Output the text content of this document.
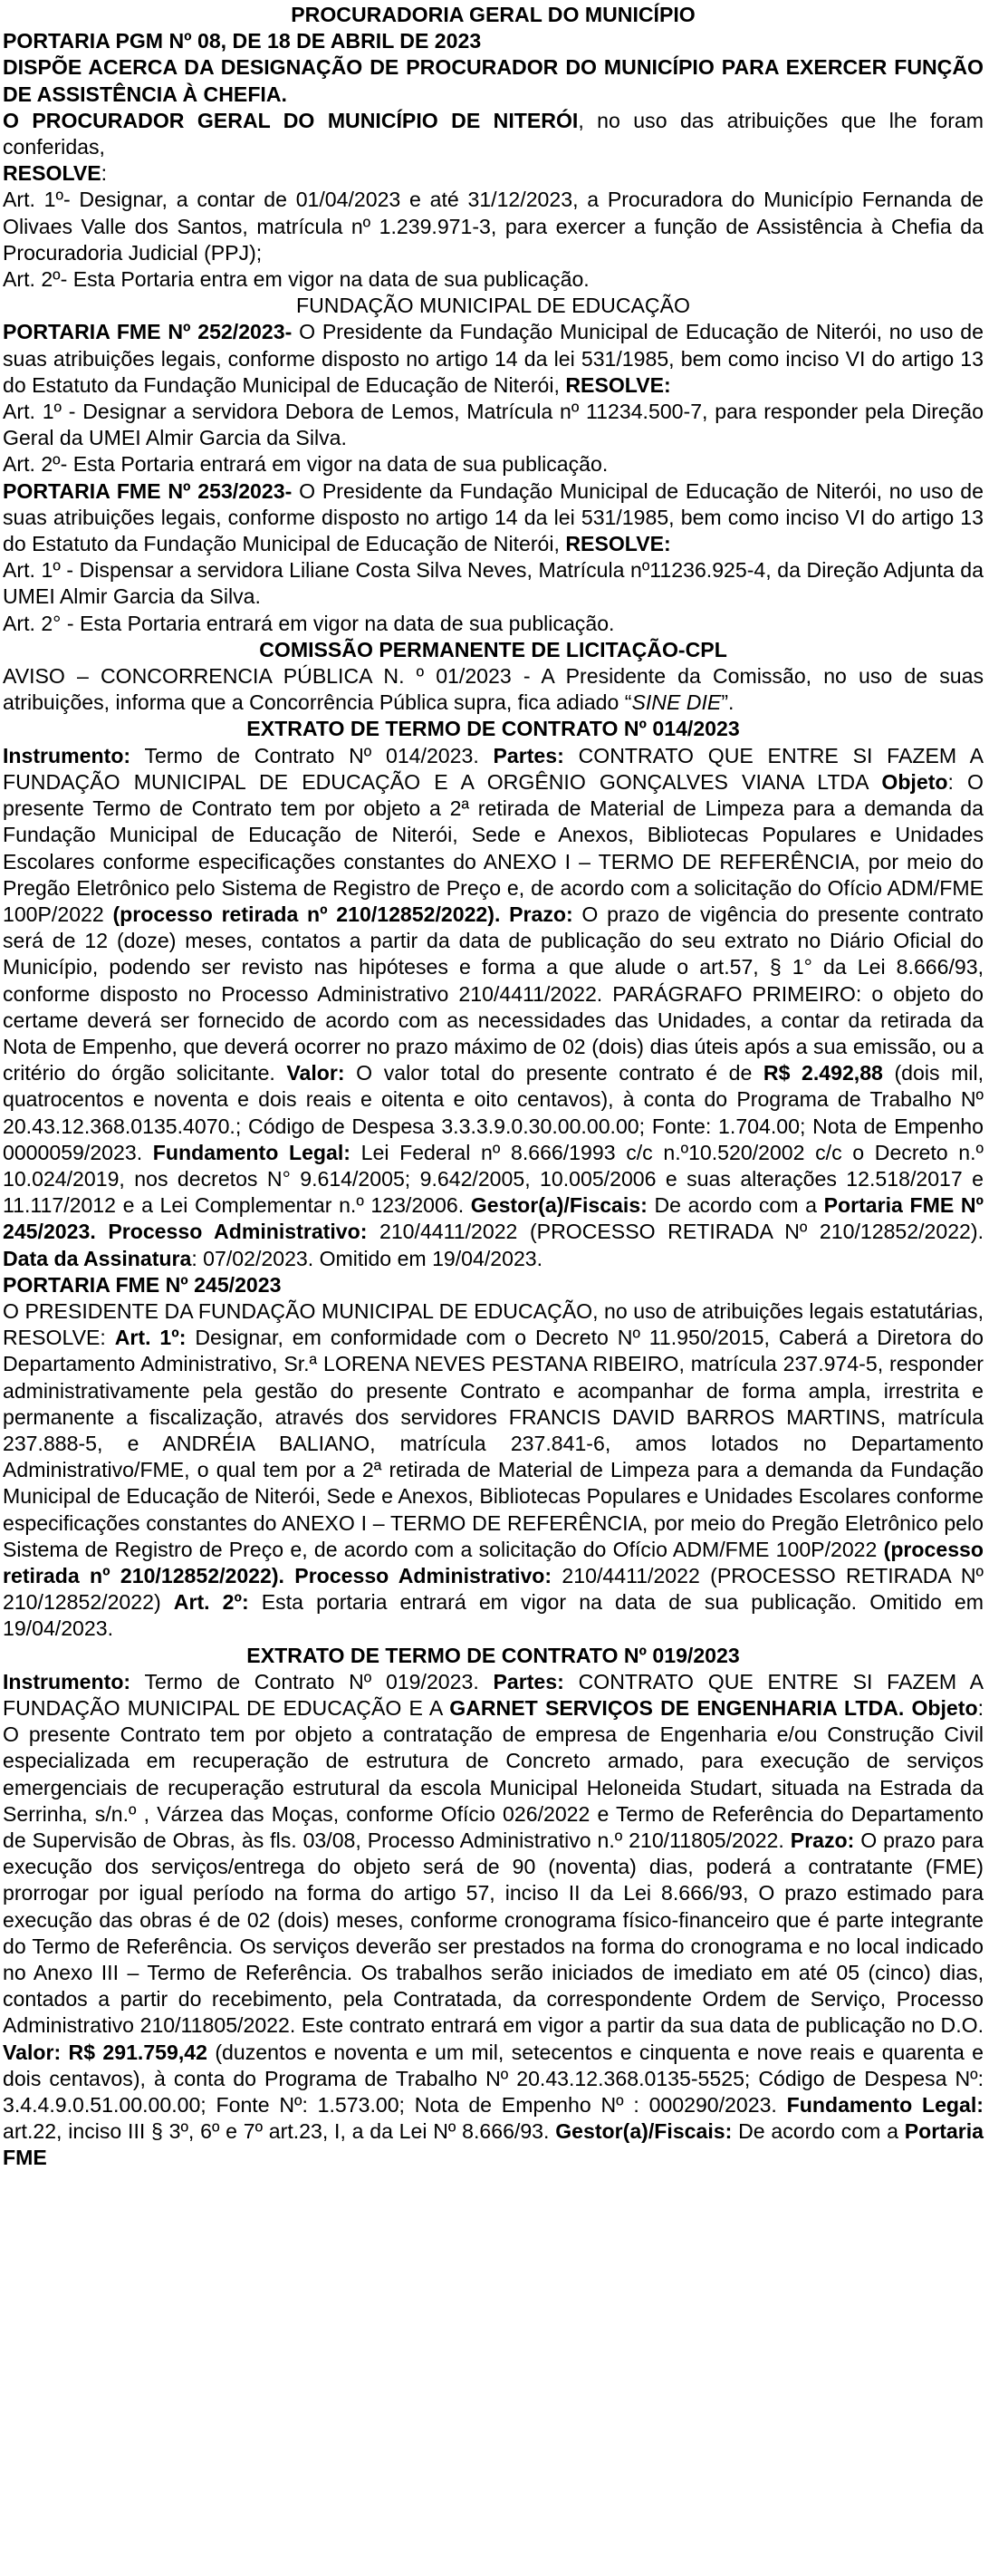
PROCURADORIA GERAL DO MUNICÍPIO

PORTARIA PGM Nº 08, DE 18 DE ABRIL DE 2023

DISPÕE ACERCA DA DESIGNAÇÃO DE PROCURADOR DO MUNICÍPIO PARA EXERCER FUNÇÃO DE ASSISTÊNCIA À CHEFIA.

O PROCURADOR GERAL DO MUNICÍPIO DE NITERÓI, no uso das atribuições que lhe foram conferidas,

RESOLVE:

Art. 1º- Designar, a contar de 01/04/2023 e até 31/12/2023, a Procuradora do Município Fernanda de Olivaes Valle dos Santos, matrícula nº 1.239.971-3, para exercer a função de Assistência à Chefia da Procuradoria Judicial (PPJ);

Art. 2º- Esta Portaria entra em vigor na data de sua publicação.

FUNDAÇÃO MUNICIPAL DE EDUCAÇÃO

PORTARIA FME Nº 252/2023- O Presidente da Fundação Municipal de Educação de Niterói, no uso de suas atribuições legais, conforme disposto no artigo 14 da lei 531/1985, bem como inciso VI do artigo 13 do Estatuto da Fundação Municipal de Educação de Niterói, RESOLVE:

Art. 1º - Designar a servidora Debora de Lemos, Matrícula nº 11234.500-7, para responder pela Direção Geral da UMEI Almir Garcia da Silva.

Art. 2º- Esta Portaria entrará em vigor na data de sua publicação.

PORTARIA FME Nº 253/2023- O Presidente da Fundação Municipal de Educação de Niterói, no uso de suas atribuições legais, conforme disposto no artigo 14 da lei 531/1985, bem como inciso VI do artigo 13 do Estatuto da Fundação Municipal de Educação de Niterói, RESOLVE:

Art. 1º - Dispensar a servidora Liliane Costa Silva Neves, Matrícula nº11236.925-4, da Direção Adjunta da UMEI Almir Garcia da Silva.

Art. 2° - Esta Portaria entrará em vigor na data de sua publicação.

COMISSÃO PERMANENTE DE LICITAÇÃO-CPL

AVISO – CONCORRENCIA PÚBLICA N. º 01/2023 - A Presidente da Comissão, no uso de suas atribuições, informa que a Concorrência Pública supra, fica adiado “SINE DIE”.

EXTRATO DE TERMO DE CONTRATO Nº 014/2023

Instrumento: Termo de Contrato Nº 014/2023. Partes: CONTRATO QUE ENTRE SI FAZEM A FUNDAÇÃO MUNICIPAL DE EDUCAÇÃO E A ORGÊNIO GONÇALVES VIANA LTDA Objeto: O presente Termo de Contrato tem por objeto a 2ª retirada de Material de Limpeza para a demanda da Fundação Municipal de Educação de Niterói, Sede e Anexos, Bibliotecas Populares e Unidades Escolares conforme especificações constantes do ANEXO I – TERMO DE REFERÊNCIA, por meio do Pregão Eletrônico pelo Sistema de Registro de Preço e, de acordo com a solicitação do Ofício ADM/FME 100P/2022 (processo retirada nº 210/12852/2022). Prazo: O prazo de vigência do presente contrato será de 12 (doze) meses, contatos a partir da data de publicação do seu extrato no Diário Oficial do Município, podendo ser revisto nas hipóteses e forma a que alude o art.57, § 1° da Lei 8.666/93, conforme disposto no Processo Administrativo 210/4411/2022. PARÁGRAFO PRIMEIRO: o objeto do certame deverá ser fornecido de acordo com as necessidades das Unidades, a contar da retirada da Nota de Empenho, que deverá ocorrer no prazo máximo de 02 (dois) dias úteis após a sua emissão, ou a critério do órgão solicitante. Valor: O valor total do presente contrato é de R$ 2.492,88 (dois mil, quatrocentos e noventa e dois reais e oitenta e oito centavos), à conta do Programa de Trabalho Nº 20.43.12.368.0135.4070.; Código de Despesa 3.3.3.9.0.30.00.00.00; Fonte: 1.704.00; Nota de Empenho 0000059/2023. Fundamento Legal: Lei Federal nº 8.666/1993 c/c n.º10.520/2002 c/c o Decreto n.º 10.024/2019, nos decretos N° 9.614/2005; 9.642/2005, 10.005/2006 e suas alterações 12.518/2017 e 11.117/2012 e a Lei Complementar n.º 123/2006. Gestor(a)/Fiscais: De acordo com a Portaria FME Nº 245/2023. Processo Administrativo: 210/4411/2022 (PROCESSO RETIRADA Nº 210/12852/2022). Data da Assinatura: 07/02/2023. Omitido em 19/04/2023.

PORTARIA FME Nº 245/2023

O PRESIDENTE DA FUNDAÇÃO MUNICIPAL DE EDUCAÇÃO, no uso de atribuições legais estatutárias, RESOLVE: Art. 1º: Designar, em conformidade com o Decreto Nº 11.950/2015, Caberá a Diretora do Departamento Administrativo, Sr.ª LORENA NEVES PESTANA RIBEIRO, matrícula 237.974-5, responder administrativamente pela gestão do presente Contrato e acompanhar de forma ampla, irrestrita e permanente a fiscalização, através dos servidores FRANCIS DAVID BARROS MARTINS, matrícula 237.888-5, e ANDRÉIA BALIANO, matrícula 237.841-6, amos lotados no Departamento Administrativo/FME, o qual tem por a 2ª retirada de Material de Limpeza para a demanda da Fundação Municipal de Educação de Niterói, Sede e Anexos, Bibliotecas Populares e Unidades Escolares conforme especificações constantes do ANEXO I – TERMO DE REFERÊNCIA, por meio do Pregão Eletrônico pelo Sistema de Registro de Preço e, de acordo com a solicitação do Ofício ADM/FME 100P/2022 (processo retirada nº 210/12852/2022). Processo Administrativo: 210/4411/2022 (PROCESSO RETIRADA Nº 210/12852/2022) Art. 2º: Esta portaria entrará em vigor na data de sua publicação. Omitido em 19/04/2023.

EXTRATO DE TERMO DE CONTRATO Nº 019/2023

Instrumento: Termo de Contrato Nº 019/2023. Partes: CONTRATO QUE ENTRE SI FAZEM A FUNDAÇÃO MUNICIPAL DE EDUCAÇÃO E A GARNET SERVIÇOS DE ENGENHARIA LTDA. Objeto: O presente Contrato tem por objeto a contratação de empresa de Engenharia e/ou Construção Civil especializada em recuperação de estrutura de Concreto armado, para execução de serviços emergenciais de recuperação estrutural da escola Municipal Heloneida Studart, situada na Estrada da Serrinha, s/n.º , Várzea das Moças, conforme Ofício 026/2022 e Termo de Referência do Departamento de Supervisão de Obras, às fls. 03/08, Processo Administrativo n.º 210/11805/2022. Prazo: O prazo para execução dos serviços/entrega do objeto será de 90 (noventa) dias, poderá a contratante (FME) prorrogar por igual período na forma do artigo 57, inciso II da Lei 8.666/93, O prazo estimado para execução das obras é de 02 (dois) meses, conforme cronograma físico-financeiro que é parte integrante do Termo de Referência. Os serviços deverão ser prestados na forma do cronograma e no local indicado no Anexo III – Termo de Referência. Os trabalhos serão iniciados de imediato em até 05 (cinco) dias, contados a partir do recebimento, pela Contratada, da correspondente Ordem de Serviço, Processo Administrativo 210/11805/2022. Este contrato entrará em vigor a partir da sua data de publicação no D.O. Valor: R$ 291.759,42 (duzentos e noventa e um mil, setecentos e cinquenta e nove reais e quarenta e dois centavos), à conta do Programa de Trabalho Nº 20.43.12.368.0135-5525; Código de Despesa Nº: 3.4.4.9.0.51.00.00.00; Fonte Nº: 1.573.00; Nota de Empenho Nº : 000290/2023. Fundamento Legal: art.22, inciso III § 3º, 6º e 7º art.23, I, a da Lei Nº 8.666/93. Gestor(a)/Fiscais: De acordo com a Portaria FME
